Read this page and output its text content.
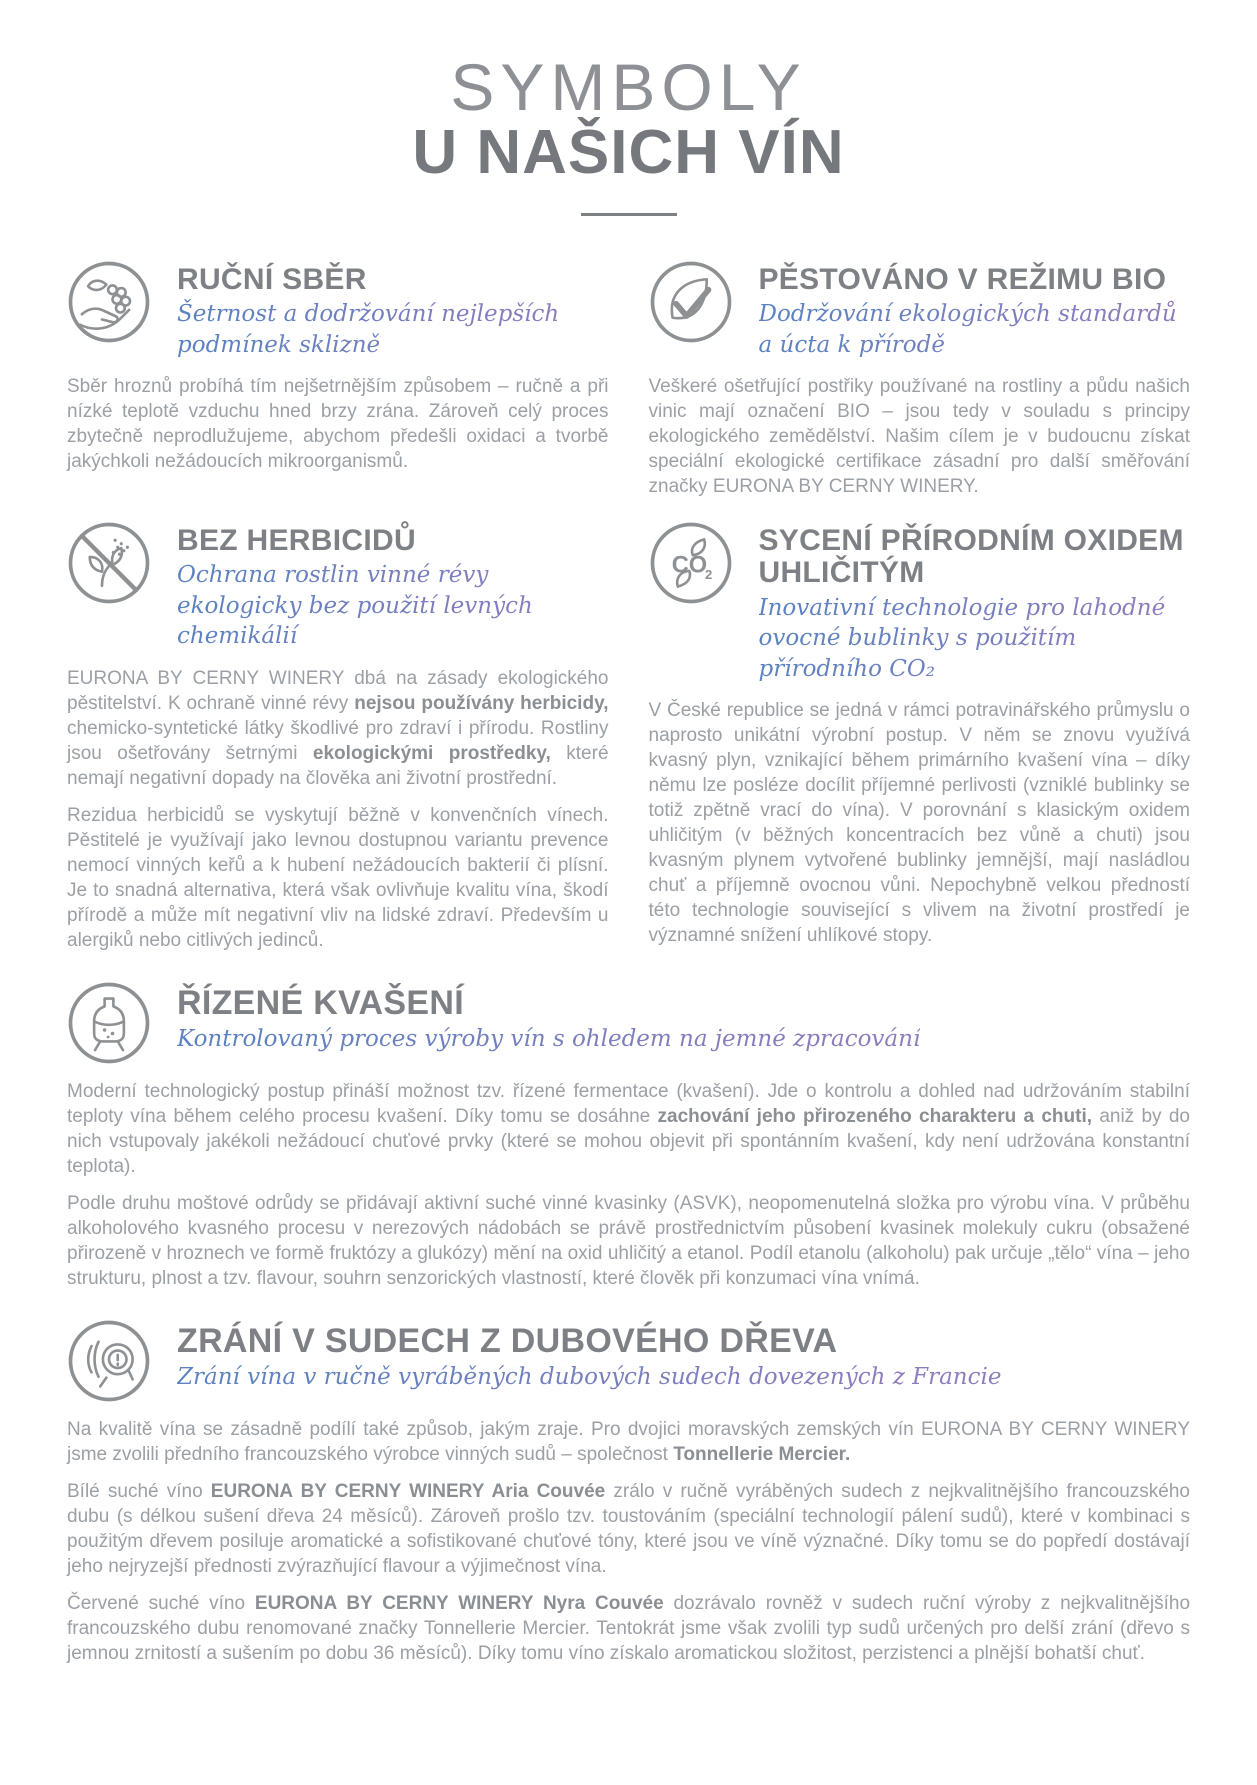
SYMBOLY
U NAŠICH VÍN
RUČNÍ SBĚR

Šetrnost a dodržování nejlepších podmínek sklizně

Sběr hroznů probíhá tím nejšetrnějším způsobem – ručně a při nízké teplotě vzduchu hned brzy zrána. Zároveň celý proces zbytečně neprodlužujeme, abychom předešli oxidaci a tvorbě jakýchkoli nežádoucích mikroorganismů.

PĚSTOVÁNO V REŽIMU BIO

Dodržování ekologických standardů a úcta k přírodě

Veškeré ošetřující postřiky používané na rostliny a půdu našich vinic mají označení BIO – jsou tedy v souladu s principy ekologického zemědělství. Našim cílem je v budoucnu získat speciální ekologické certifikace zásadní pro další směřování značky EURONA BY CERNY WINERY.

BEZ HERBICIDŮ

Ochrana rostlin vinné révy ekologicky bez použití levných chemikálií

EURONA BY CERNY WINERY dbá na zásady ekologického pěstitelství. K ochraně vinné révy nejsou používány herbicidy, chemicko-syntetické látky škodlivé pro zdraví i přírodu. Rostliny jsou ošetřovány šetrnými ekologickými prostředky, které nemají negativní dopady na člověka ani životní prostřední.

Rezidua herbicidů se vyskytují běžně v konvenčních vínech. Pěstitelé je využívají jako levnou dostupnou variantu prevence nemocí vinných keřů a k hubení nežádoucích bakterií či plísní. Je to snadná alternativa, která však ovlivňuje kvalitu vína, škodí přírodě a může mít negativní vliv na lidské zdraví. Především u alergiků nebo citlivých jedinců.

CO
2
SYCENÍ PŘÍRODNÍM OXIDEM UHLIČITÝM

Inovativní technologie pro lahodné ovocné bublinky s použitím přírodního CO₂

V České republice se jedná v rámci potravinářského průmyslu o naprosto unikátní výrobní postup. V něm se znovu využívá kvasný plyn, vznikající během primárního kvašení vína – díky němu lze posléze docílit příjemné perlivosti (vzniklé bublinky se totiž zpětně vrací do vína). V porovnání s klasickým oxidem uhličitým (v běžných koncentracích bez vůně a chuti) jsou kvasným plynem vytvořené bublinky jemnější, mají nasládlou chuť a příjemně ovocnou vůni. Nepochybně velkou předností této technologie související s vlivem na životní prostředí je významné snížení uhlíkové stopy.

ŘÍZENÉ KVAŠENÍ

Kontrolovaný proces výroby vín s ohledem na jemné zpracování

Moderní technologický postup přináší možnost tzv. řízené fermentace (kvašení). Jde o kontrolu a dohled nad udržováním stabilní teploty vína během celého procesu kvašení. Díky tomu se dosáhne zachování jeho přirozeného charakteru a chuti, aniž by do nich vstupovaly jakékoli nežádoucí chuťové prvky (které se mohou objevit při spontánním kvašení, kdy není udržována konstantní teplota).

Podle druhu moštové odrůdy se přidávají aktivní suché vinné kvasinky (ASVK), neopomenutelná složka pro výrobu vína. V průběhu alkoholového kvasného procesu v nerezových nádobách se právě prostřednictvím působení kvasinek molekuly cukru (obsažené přirozeně v hroznech ve formě fruktózy a glukózy) mění na oxid uhličitý a etanol. Podíl etanolu (alkoholu) pak určuje „tělo“ vína – jeho strukturu, plnost a tzv. flavour, souhrn senzorických vlastností, které člověk při konzumaci vína vnímá.

ZRÁNÍ V SUDECH Z DUBOVÉHO DŘEVA

Zrání vína v ručně vyráběných dubových sudech dovezených z Francie

Na kvalitě vína se zásadně podílí také způsob, jakým zraje. Pro dvojici moravských zemských vín EURONA BY CERNY WINERY jsme zvolili předního francouzského výrobce vinných sudů – společnost Tonnellerie Mercier.

Bílé suché víno EURONA BY CERNY WINERY Aria Couvée zrálo v ručně vyráběných sudech z nejkvalitnějšího francouzského dubu (s délkou sušení dřeva 24 měsíců). Zároveň prošlo tzv. toustováním (speciální technologií pálení sudů), které v kombinaci s použitým dřevem posiluje aromatické a sofistikované chuťové tóny, které jsou ve víně význačné. Díky tomu se do popředí dostávají jeho nejryzejší přednosti zvýrazňující flavour a výjimečnost vína.

Červené suché víno EURONA BY CERNY WINERY Nyra Couvée dozrávalo rovněž v sudech ruční výroby z nejkvalitnějšího francouzského dubu renomované značky Tonnellerie Mercier. Tentokrát jsme však zvolili typ sudů určených pro delší zrání (dřevo s jemnou zrnitostí a sušením po dobu 36 měsíců). Díky tomu víno získalo aromatickou složitost, perzistenci a plnější bohatší chuť.
